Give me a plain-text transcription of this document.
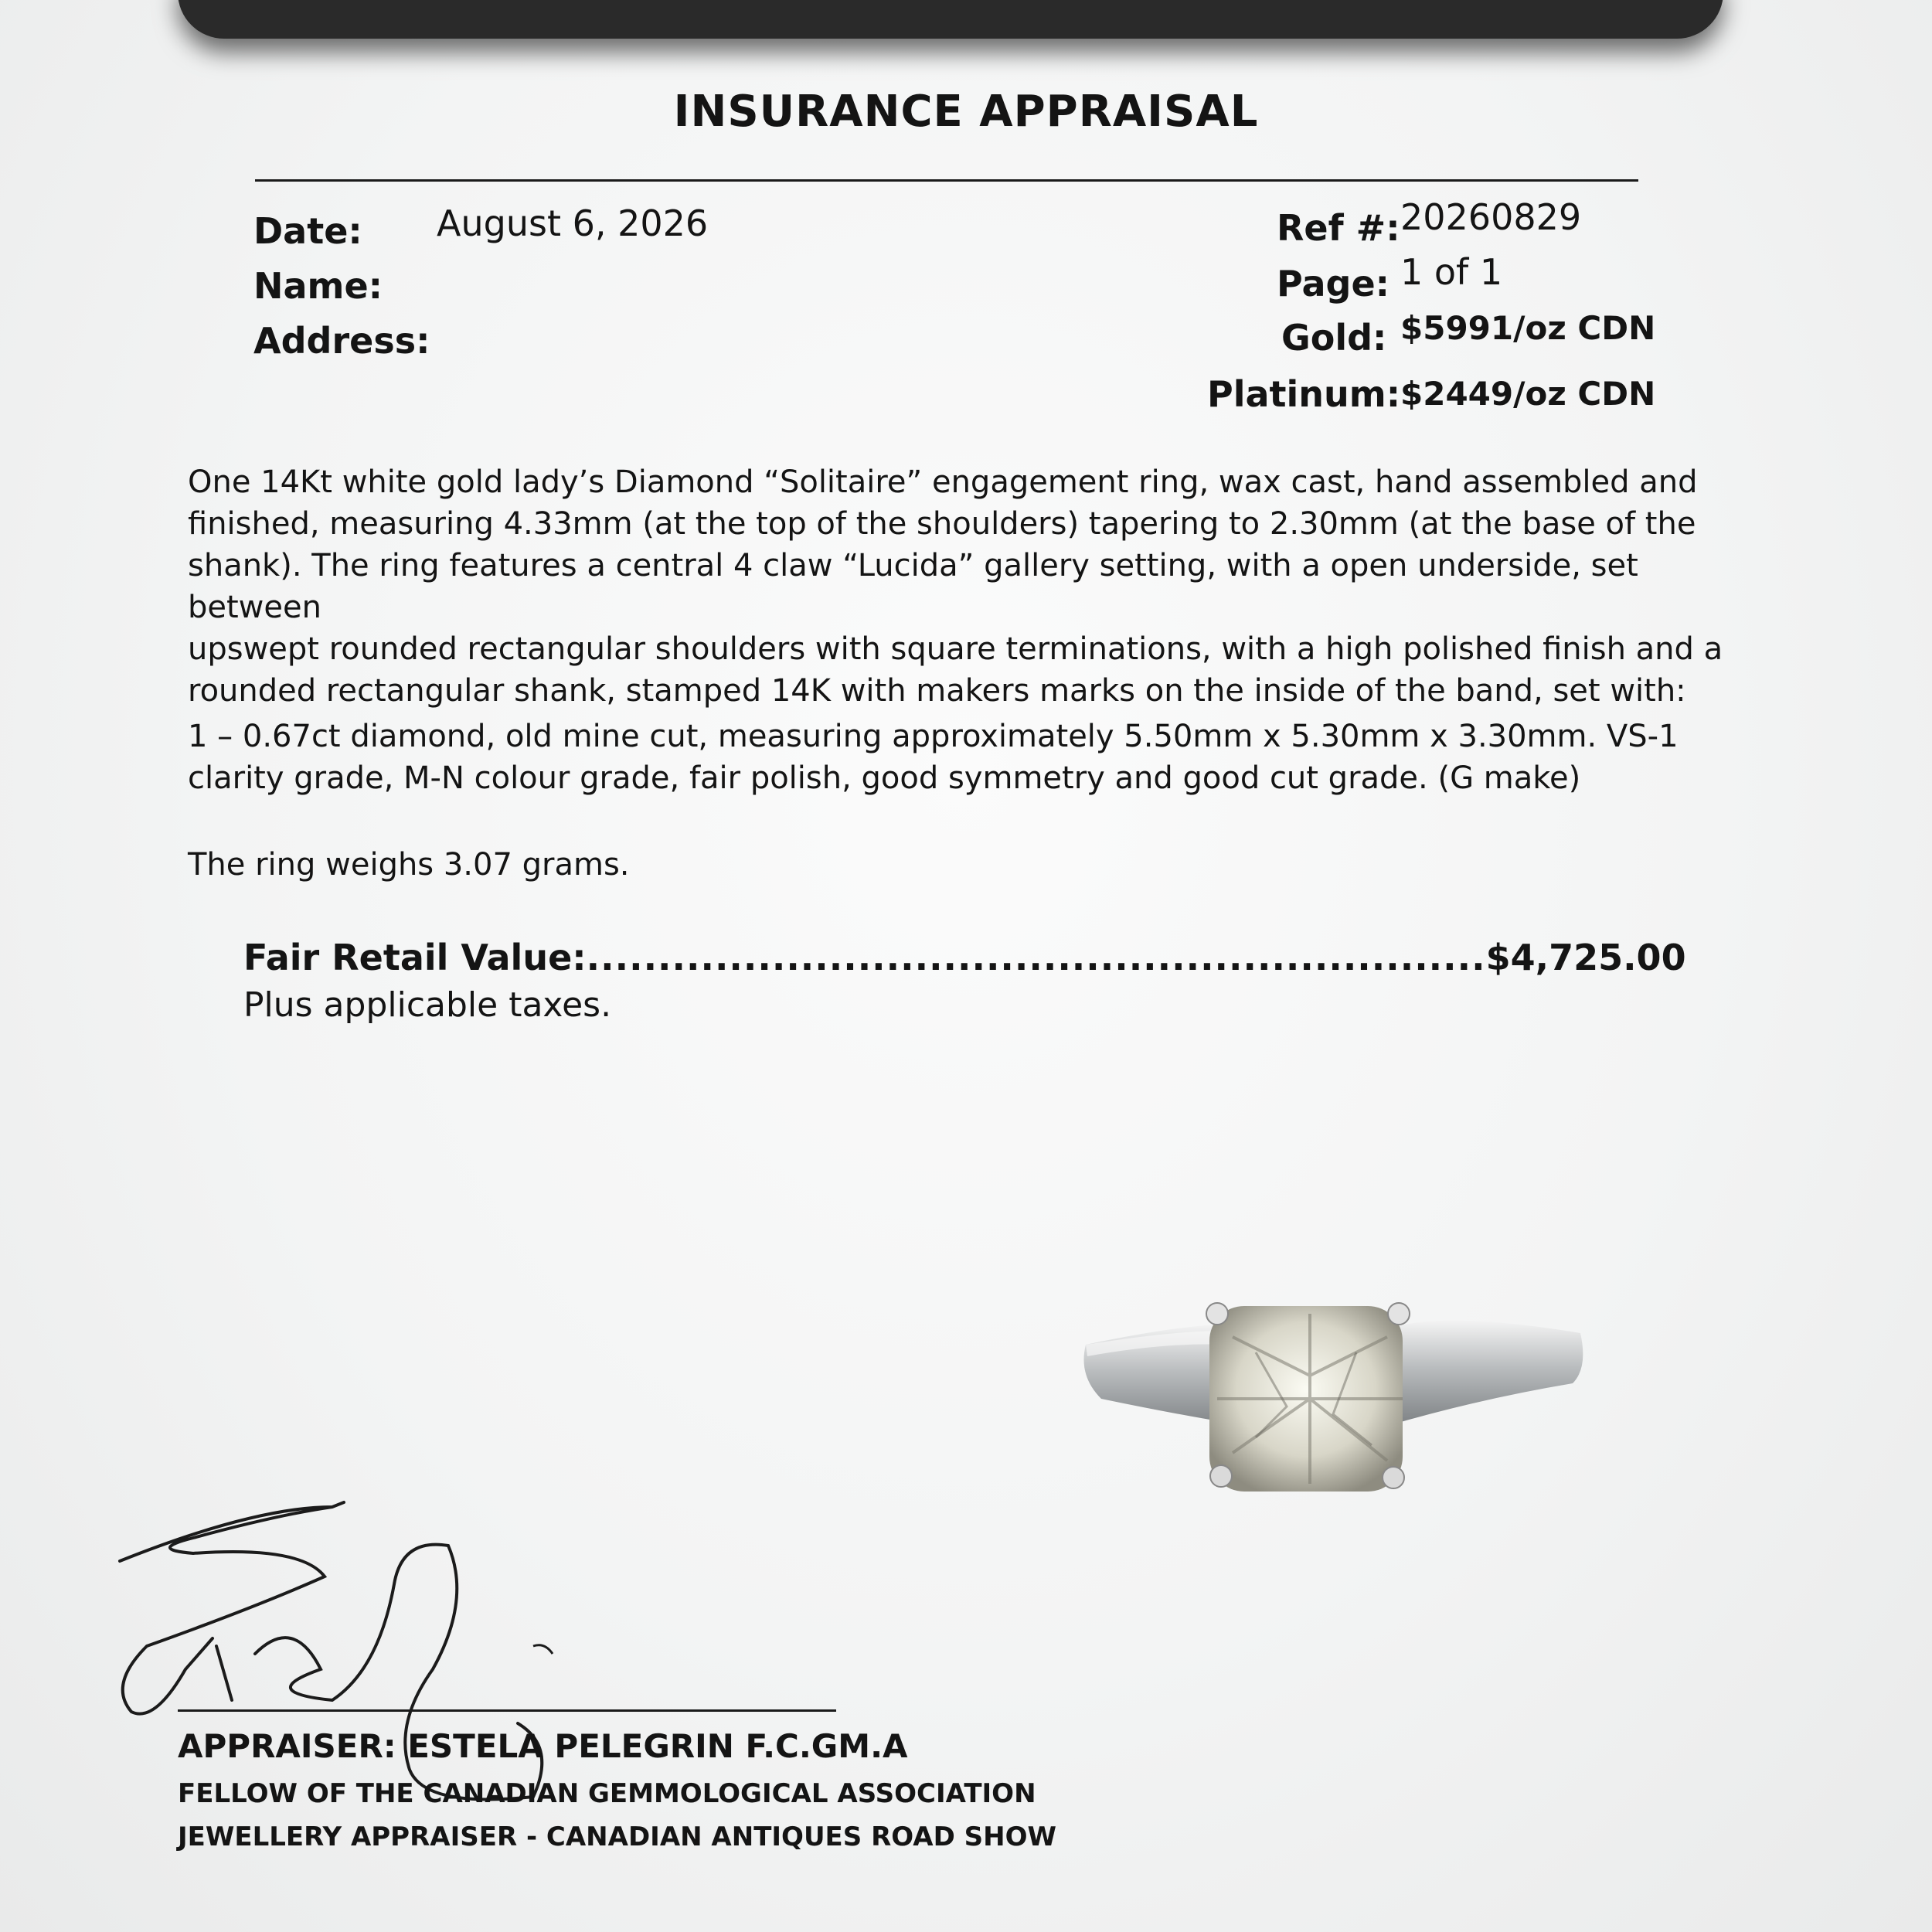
INSURANCE APPRAISAL
Date: August 6, 2026
Name:
Address:
Ref #: 20260829
Page: 1 of 1
Gold: $5991/oz CDN
Platinum: $2449/oz CDN
One 14Kt white gold lady’s Diamond “Solitaire” engagement ring, wax cast, hand assembled and
finished, measuring 4.33mm (at the top of the shoulders) tapering to 2.30mm (at the base of the
shank). The ring features a central 4 claw “Lucida” gallery setting, with a open underside, set between
upswept rounded rectangular shoulders with square terminations, with a high polished finish and a
rounded rectangular shank, stamped 14K with makers marks on the inside of the band, set with:
1 – 0.67ct diamond, old mine cut, measuring approximately 5.50mm x 5.30mm x 3.30mm. VS-1
clarity grade, M-N colour grade, fair polish, good symmetry and good cut grade. (G make)
The ring weighs 3.07 grams.
Fair Retail Value:...............................................................$4,725.00
Plus applicable taxes.
APPRAISER: ESTELA PELEGRIN F.C.GM.A
FELLOW OF THE CANADIAN GEMMOLOGICAL ASSOCIATION
JEWELLERY APPRAISER - CANADIAN ANTIQUES ROAD SHOW
